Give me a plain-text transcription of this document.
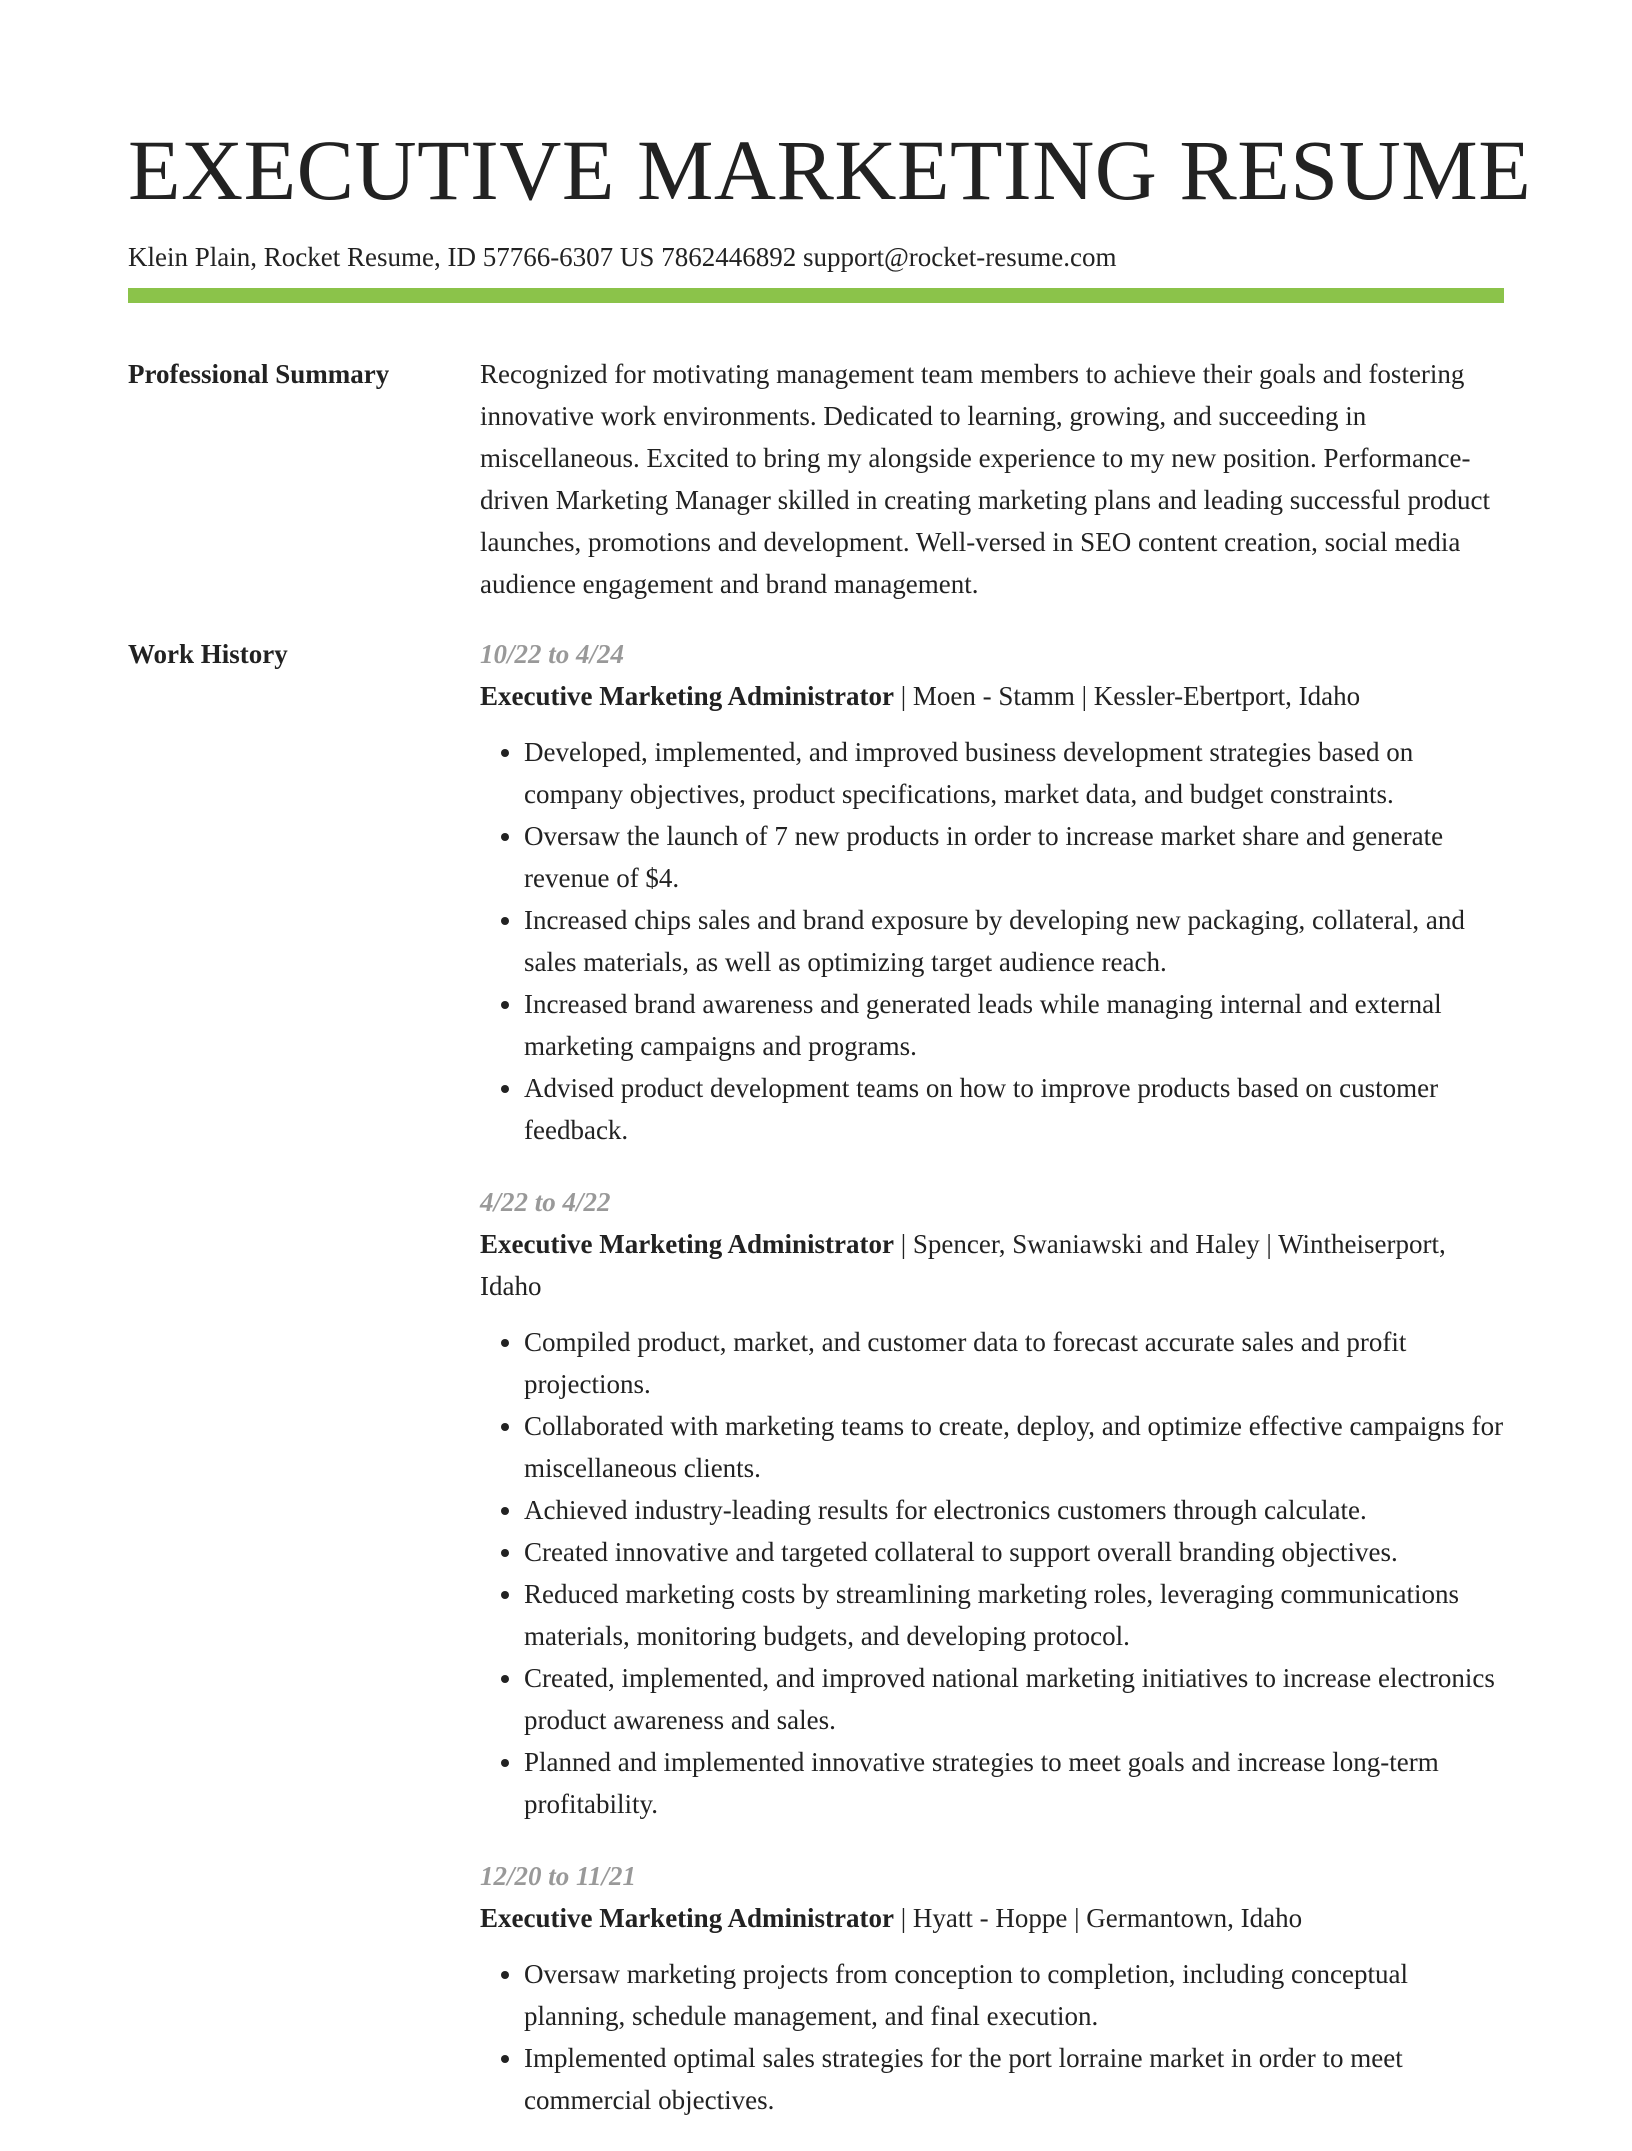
EXECUTIVE MARKETING RESUME
Klein Plain, Rocket Resume, ID 57766-6307 US 7862446892 support@rocket-resume.com
Professional Summary	Recognized for motivating management team members to achieve their goals and fostering innovative work environments. Dedicated to learning, growing, and succeeding in miscellaneous. Excited to bring my alongside experience to my new position. Performance-driven Marketing Manager skilled in creating marketing plans and leading successful product launches, promotions and development. Well-versed in SEO content creation, social media audience engagement and brand management.

Work History	10/22 to 4/24
Executive Marketing Administrator | Moen - Stamm | Kessler-Ebertport, Idaho
• Developed, implemented, and improved business development strategies based on company objectives, product specifications, market data, and budget constraints.
• Oversaw the launch of 7 new products in order to increase market share and generate revenue of $4.
• Increased chips sales and brand exposure by developing new packaging, collateral, and sales materials, as well as optimizing target audience reach.
• Increased brand awareness and generated leads while managing internal and external marketing campaigns and programs.
• Advised product development teams on how to improve products based on customer feedback.
4/22 to 4/22
Executive Marketing Administrator | Spencer, Swaniawski and Haley | Wintheiserport, Idaho
• Compiled product, market, and customer data to forecast accurate sales and profit projections.
• Collaborated with marketing teams to create, deploy, and optimize effective campaigns for miscellaneous clients.
• Achieved industry-leading results for electronics customers through calculate.
• Created innovative and targeted collateral to support overall branding objectives.
• Reduced marketing costs by streamlining marketing roles, leveraging communications materials, monitoring budgets, and developing protocol.
• Created, implemented, and improved national marketing initiatives to increase electronics product awareness and sales.
• Planned and implemented innovative strategies to meet goals and increase long-term profitability.
12/20 to 11/21
Executive Marketing Administrator | Hyatt - Hoppe | Germantown, Idaho
• Oversaw marketing projects from conception to completion, including conceptual planning, schedule management, and final execution.
• Implemented optimal sales strategies for the port lorraine market in order to meet commercial objectives.
